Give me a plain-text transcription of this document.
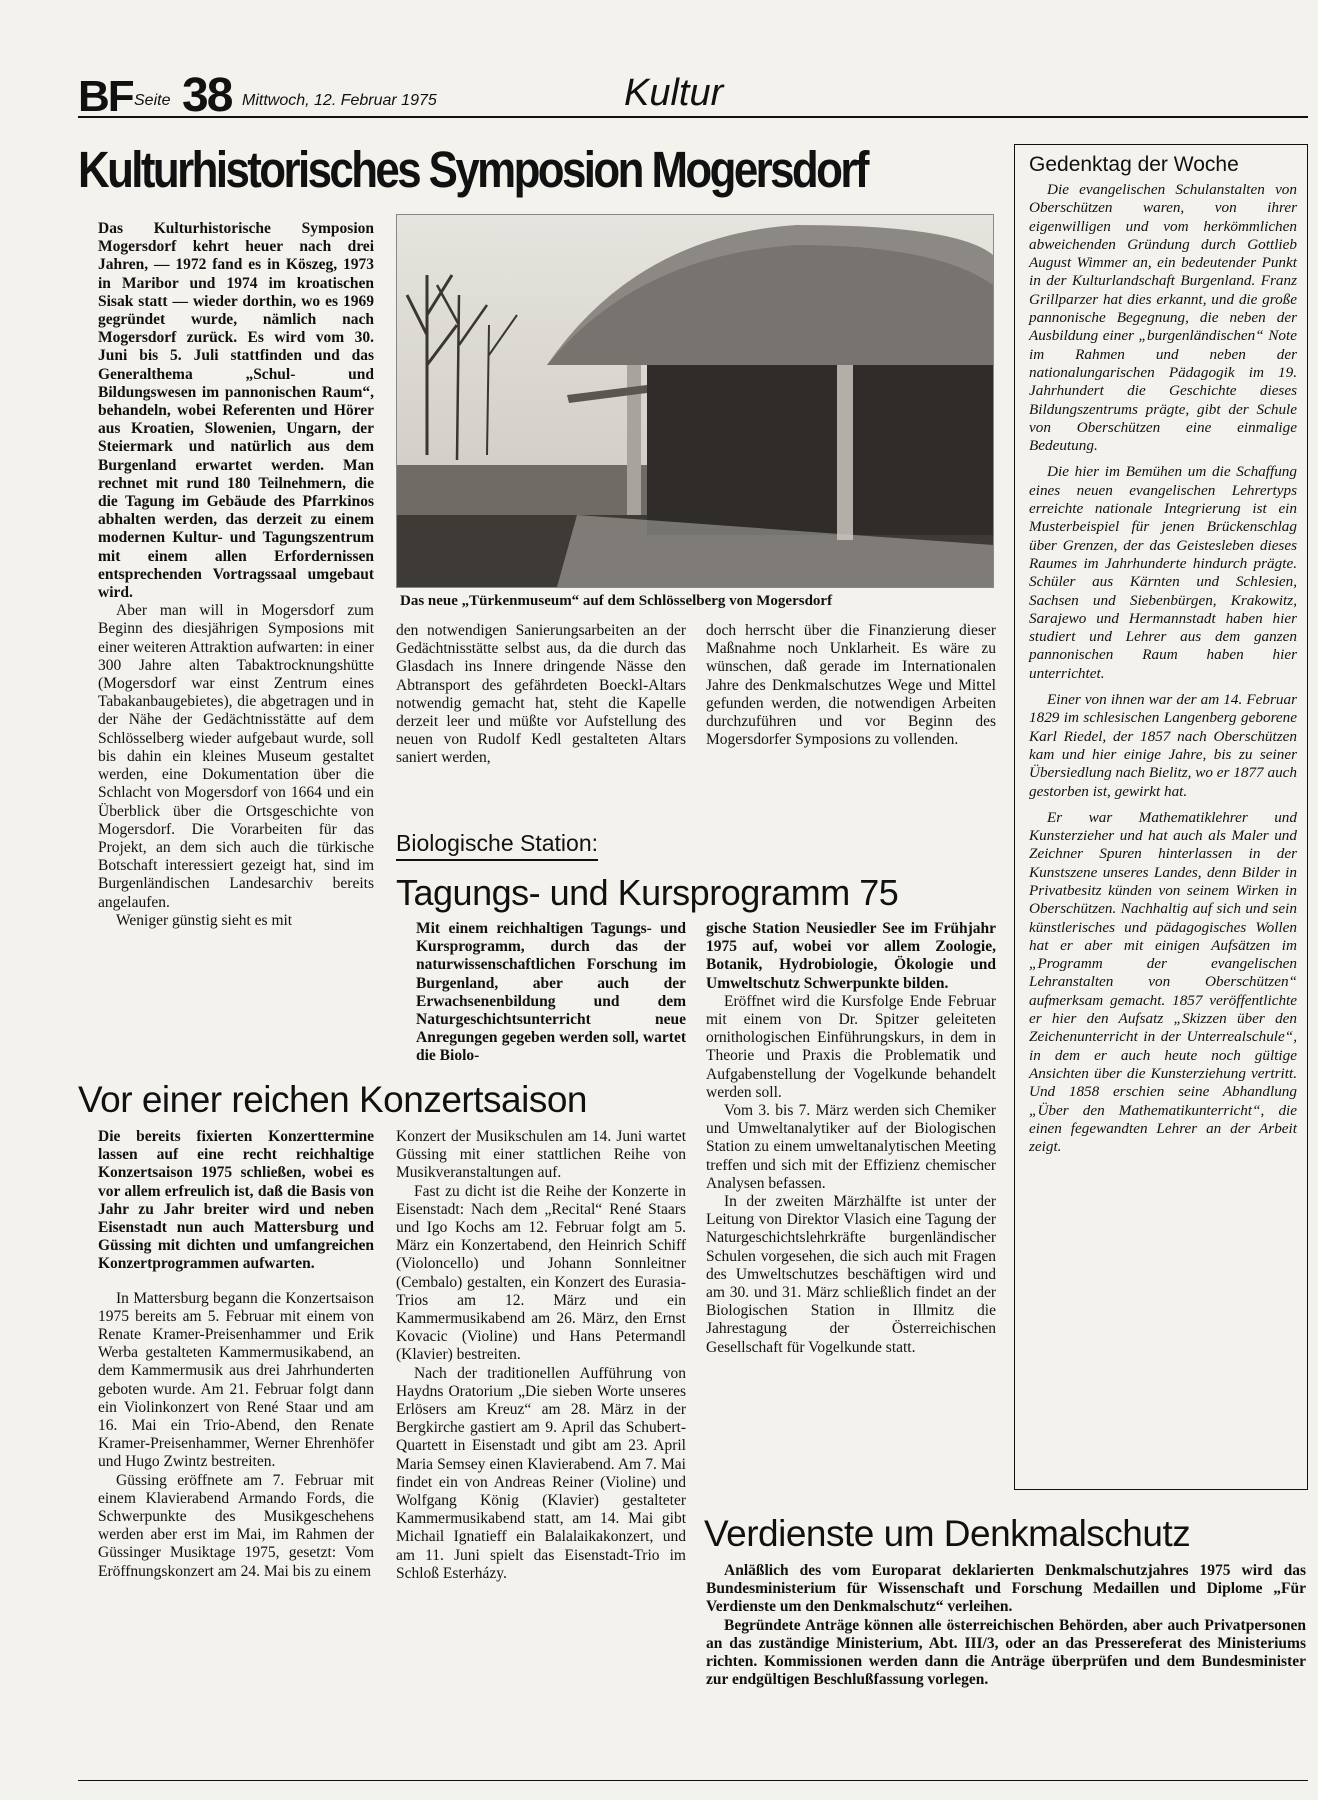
BF Seite 38 Mittwoch, 12. Februar 1975	Kultur
Kulturhistorisches Symposion Mogersdorf

Das Kulturhistorische Symposion Mogersdorf kehrt heuer nach drei Jahren, — 1972 fand es in Köszeg, 1973 in Maribor und 1974 im kroatischen Sisak statt — wieder dorthin, wo es 1969 gegründet wurde, nämlich nach Mogersdorf zurück. Es wird vom 30. Juni bis 5. Juli stattfinden und das Generalthema „Schul- und Bildungswesen im pannonischen Raum“, behandeln, wobei Referenten und Hörer aus Kroatien, Slowenien, Ungarn, der Steiermark und natürlich aus dem Burgenland erwartet werden. Man rechnet mit rund 180 Teilnehmern, die die Tagung im Gebäude des Pfarrkinos abhalten werden, das derzeit zu einem modernen Kultur- und Tagungszentrum mit einem allen Erfordernissen entsprechenden Vortragssaal umgebaut wird.

Aber man will in Mogersdorf zum Beginn des diesjährigen Symposions mit einer weiteren Attraktion aufwarten: in einer 300 Jahre alten Tabaktrocknungshütte (Mogersdorf war einst Zentrum eines Tabakanbaugebietes), die abgetragen und in der Nähe der Gedächtnisstätte auf dem Schlösselberg wieder aufgebaut wurde, soll bis dahin ein kleines Museum gestaltet werden, eine Dokumentation über die Schlacht von Mogersdorf von 1664 und ein Überblick über die Ortsgeschichte von Mogersdorf. Die Vorarbeiten für das Projekt, an dem sich auch die türkische Botschaft interessiert gezeigt hat, sind im Burgenländischen Landesarchiv bereits angelaufen.

Weniger günstig sieht es mit

Das neue „Türkenmuseum“ auf dem Schlösselberg von Mogersdorf

den notwendigen Sanierungsarbeiten an der Gedächtnisstätte selbst aus, da die durch das Glasdach ins Innere dringende Nässe den Abtransport des gefährdeten Boeckl-Altars notwendig gemacht hat, steht die Kapelle derzeit leer und müßte vor Aufstellung des neuen von Rudolf Kedl gestalteten Altars saniert werden,

doch herrscht über die Finanzierung dieser Maßnahme noch Unklarheit. Es wäre zu wünschen, daß gerade im Internationalen Jahre des Denkmalschutzes Wege und Mittel gefunden werden, die notwendigen Arbeiten durchzuführen und vor Beginn des Mogersdorfer Symposions zu vollenden.

Biologische Station:
Tagungs- und Kursprogramm 75

Mit einem reichhaltigen Tagungs- und Kursprogramm, durch das der naturwissenschaftlichen Forschung im Burgenland, aber auch der Erwachsenenbildung und dem Naturgeschichtsunterricht neue Anregungen gegeben werden soll, wartet die Biolo-

gische Station Neusiedler See im Frühjahr 1975 auf, wobei vor allem Zoologie, Botanik, Hydrobiologie, Ökologie und Umweltschutz Schwerpunkte bilden.

Eröffnet wird die Kursfolge Ende Februar mit einem von Dr. Spitzer geleiteten ornithologischen Einführungskurs, in dem in Theorie und Praxis die Problematik und Aufgabenstellung der Vogelkunde behandelt werden soll.

Vom 3. bis 7. März werden sich Chemiker und Umweltanalytiker auf der Biologischen Station zu einem umweltanalytischen Meeting treffen und sich mit der Effizienz chemischer Analysen befassen.

In der zweiten Märzhälfte ist unter der Leitung von Direktor Vlasich eine Tagung der Naturgeschichtslehrkräfte burgenländischer Schulen vorgesehen, die sich auch mit Fragen des Umweltschutzes beschäftigen wird und am 30. und 31. März schließlich findet an der Biologischen Station in Illmitz die Jahrestagung der Österreichischen Gesellschaft für Vogelkunde statt.

Vor einer reichen Konzertsaison

Die bereits fixierten Konzerttermine lassen auf eine recht reichhaltige Konzertsaison 1975 schließen, wobei es vor allem erfreulich ist, daß die Basis von Jahr zu Jahr breiter wird und neben Eisenstadt nun auch Mattersburg und Güssing mit dichten und umfangreichen Konzertprogrammen aufwarten.

In Mattersburg begann die Konzertsaison 1975 bereits am 5. Februar mit einem von Renate Kramer-Preisenhammer und Erik Werba gestalteten Kammermusikabend, an dem Kammermusik aus drei Jahrhunderten geboten wurde. Am 21. Februar folgt dann ein Violinkonzert von René Staar und am 16. Mai ein Trio-Abend, den Renate Kramer-Preisenhammer, Werner Ehrenhöfer und Hugo Zwintz bestreiten.

Güssing eröffnete am 7. Februar mit einem Klavierabend Armando Fords, die Schwerpunkte des Musikgeschehens werden aber erst im Mai, im Rahmen der Güssinger Musiktage 1975, gesetzt: Vom Eröffnungskonzert am 24. Mai bis zu einem

Konzert der Musikschulen am 14. Juni wartet Güssing mit einer stattlichen Reihe von Musikveranstaltungen auf.

Fast zu dicht ist die Reihe der Konzerte in Eisenstadt: Nach dem „Recital“ René Staars und Igo Kochs am 12. Februar folgt am 5. März ein Konzertabend, den Heinrich Schiff (Violoncello) und Johann Sonnleitner (Cembalo) gestalten, ein Konzert des Eurasia-Trios am 12. März und ein Kammermusikabend am 26. März, den Ernst Kovacic (Violine) und Hans Petermandl (Klavier) bestreiten.

Nach der traditionellen Aufführung von Haydns Oratorium „Die sieben Worte unseres Erlösers am Kreuz“ am 28. März in der Bergkirche gastiert am 9. April das Schubert-Quartett in Eisenstadt und gibt am 23. April Maria Semsey einen Klavierabend. Am 7. Mai findet ein von Andreas Reiner (Violine) und Wolfgang König (Klavier) gestalteter Kammermusikabend statt, am 14. Mai gibt Michail Ignatieff ein Balalaikakonzert, und am 11. Juni spielt das Eisenstadt-Trio im Schloß Esterházy.

Verdienste um Denkmalschutz

Anläßlich des vom Europarat deklarierten Denkmalschutzjahres 1975 wird das Bundesministerium für Wissenschaft und Forschung Medaillen und Diplome „Für Verdienste um den Denkmalschutz“ verleihen.

Begründete Anträge können alle österreichischen Behörden, aber auch Privatpersonen an das zuständige Ministerium, Abt. III/3, oder an das Pressereferat des Ministeriums richten. Kommissionen werden dann die Anträge überprüfen und dem Bundesminister zur endgültigen Beschlußfassung vorlegen.

Gedenktag der Woche

Die evangelischen Schulanstalten von Oberschützen waren, von ihrer eigenwilligen und vom herkömmlichen abweichenden Gründung durch Gottlieb August Wimmer an, ein bedeutender Punkt in der Kulturlandschaft Burgenland. Franz Grillparzer hat dies erkannt, und die große pannonische Begegnung, die neben der Ausbildung einer „burgenländischen“ Note im Rahmen und neben der nationalungarischen Pädagogik im 19. Jahrhundert die Geschichte dieses Bildungszentrums prägte, gibt der Schule von Oberschützen eine einmalige Bedeutung.

Die hier im Bemühen um die Schaffung eines neuen evangelischen Lehrertyps erreichte nationale Integrierung ist ein Musterbeispiel für jenen Brückenschlag über Grenzen, der das Geistesleben dieses Raumes im Jahrhunderte hindurch prägte. Schüler aus Kärnten und Schlesien, Sachsen und Siebenbürgen, Krakowitz, Sarajewo und Hermannstadt haben hier studiert und Lehrer aus dem ganzen pannonischen Raum haben hier unterrichtet.

Einer von ihnen war der am 14. Februar 1829 im schlesischen Langenberg geborene Karl Riedel, der 1857 nach Oberschützen kam und hier einige Jahre, bis zu seiner Übersiedlung nach Bielitz, wo er 1877 auch gestorben ist, gewirkt hat.

Er war Mathematiklehrer und Kunsterzieher und hat auch als Maler und Zeichner Spuren hinterlassen in der Kunstszene unseres Landes, denn Bilder in Privatbesitz künden von seinem Wirken in Oberschützen. Nachhaltig auf sich und sein künstlerisches und pädagogisches Wollen hat er aber mit einigen Aufsätzen im „Programm der evangelischen Lehranstalten von Oberschützen“ aufmerksam gemacht. 1857 veröffentlichte er hier den Aufsatz „Skizzen über den Zeichenunterricht in der Unterrealschule“, in dem er auch heute noch gültige Ansichten über die Kunsterziehung vertritt. Und 1858 erschien seine Abhandlung „Über den Mathematikunterricht“, die einen fegewandten Lehrer an der Arbeit zeigt.
